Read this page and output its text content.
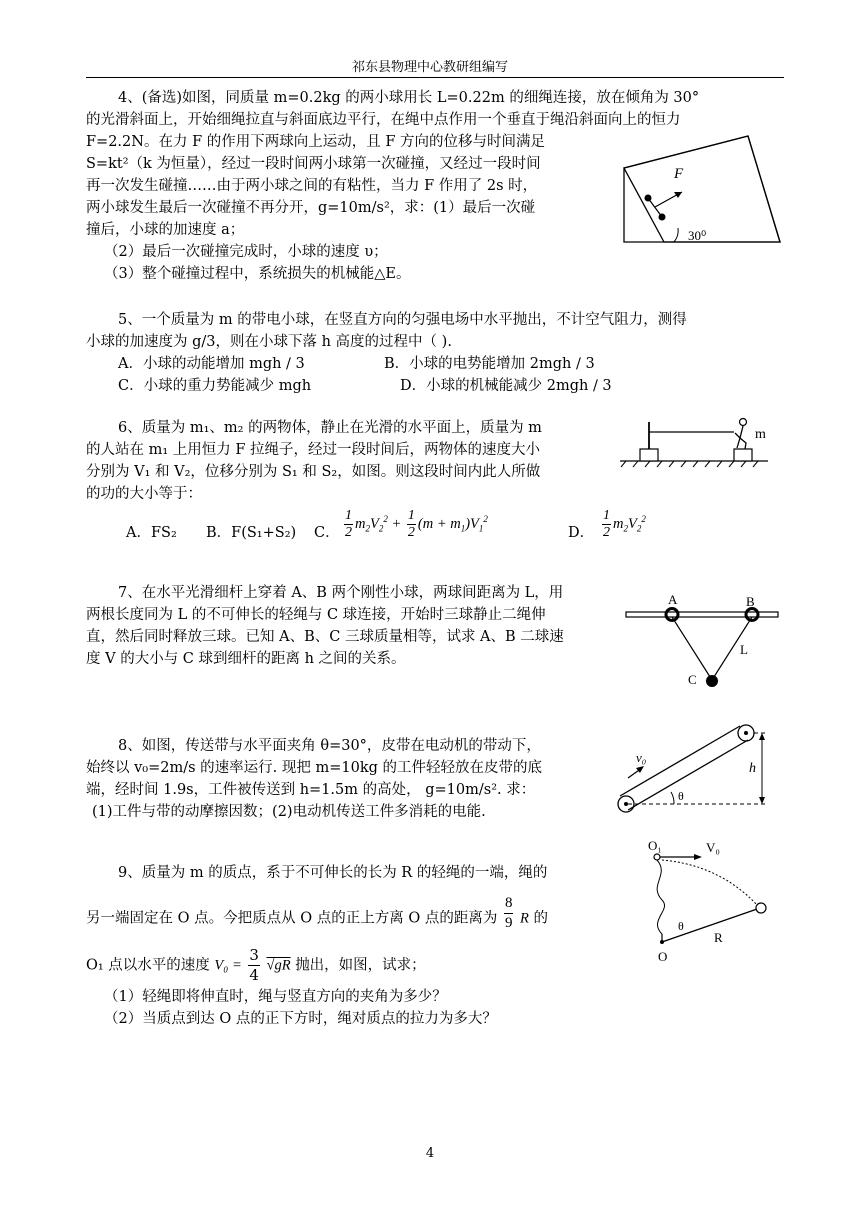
祁东县物理中心教研组编写
4、(备选)如图，同质量 m=0.2kg 的两小球用长 L=0.22m 的细绳连接，放在倾角为 30°
的光滑斜面上，开始细绳拉直与斜面底边平行，在绳中点作用一个垂直于绳沿斜面向上的恒力
F=2.2N。在力 F 的作用下两球向上运动，且 F 方向的位移与时间满足
S=kt²（k 为恒量），经过一段时间两小球第一次碰撞，又经过一段时间
再一次发生碰撞……由于两小球之间的有粘性，当力 F 作用了 2s 时，
两小球发生最后一次碰撞不再分开，g=10m/s²，求：(1）最后一次碰
撞后，小球的加速度 a；
（2）最后一次碰撞完成时，小球的速度 υ；
（3）整个碰撞过程中，系统损失的机械能△E。
F
30⁰
5、一个质量为 m 的带电小球，在竖直方向的匀强电场中水平抛出，不计空气阻力，测得
小球的加速度为 g/3，则在小球下落 h 高度的过程中（ ).
A．小球的动能增加 mgh ∕ 3	B．小球的电势能增加 2mgh ∕ 3
C．小球的重力势能减少 mgh	D．小球的机械能减少 2mgh ∕ 3
6、质量为 m₁、m₂ 的两物体，静止在光滑的水平面上，质量为 m
的人站在 m₁ 上用恒力 F 拉绳子，经过一段时间后，两物体的速度大小
分别为 V₁ 和 V₂，位移分别为 S₁ 和 S₂，如图。则这段时间内此人所做
的功的大小等于：
A．FS₂ B．F(S₁+S₂) C． $\frac{1}{2} m_2V_2^2 + \frac{1}{2} (m + m_1)V_1^2$
D． $\frac{1}{2} m_2V_2^2$
m
7、在水平光滑细杆上穿着 A、B 两个刚性小球，两球间距离为 L，用
两根长度同为 L 的不可伸长的轻绳与 C 球连接，开始时三球静止二绳伸
直，然后同时释放三球。已知 A、B、C 三球质量相等，试求 A、B 二球速
度 V 的大小与 C 球到细杆的距离 h 之间的关系。
A	B
C
L
8、如图，传送带与水平面夹角 θ=30°，皮带在电动机的带动下，
始终以 v₀=2m/s 的速率运行. 现把 m=10kg 的工件轻轻放在皮带的底
端，经时间 1.9s，工件被传送到 h=1.5m 的高处， g=10m/s². 求：
(1)工件与带的动摩擦因数；(2)电动机传送工件多消耗的电能.
v₀
h
θ
9、质量为 m 的质点，系于不可伸长的长为 R 的轻绳的一端，绳的
另一端固定在 O 点。今把质点从 O 点的正上方离 O 点的距离为 $\frac{8}{9}$ R 的
O₁ 点以水平的速度 $V_0 = \frac{3}{4} √gR$ 抛出，如图，试求；
（1）轻绳即将伸直时，绳与竖直方向的夹角为多少？
（2）当质点到达 O 点的正下方时，绳对质点的拉力为多大？
O₁	V₀
θ
R
O
4
